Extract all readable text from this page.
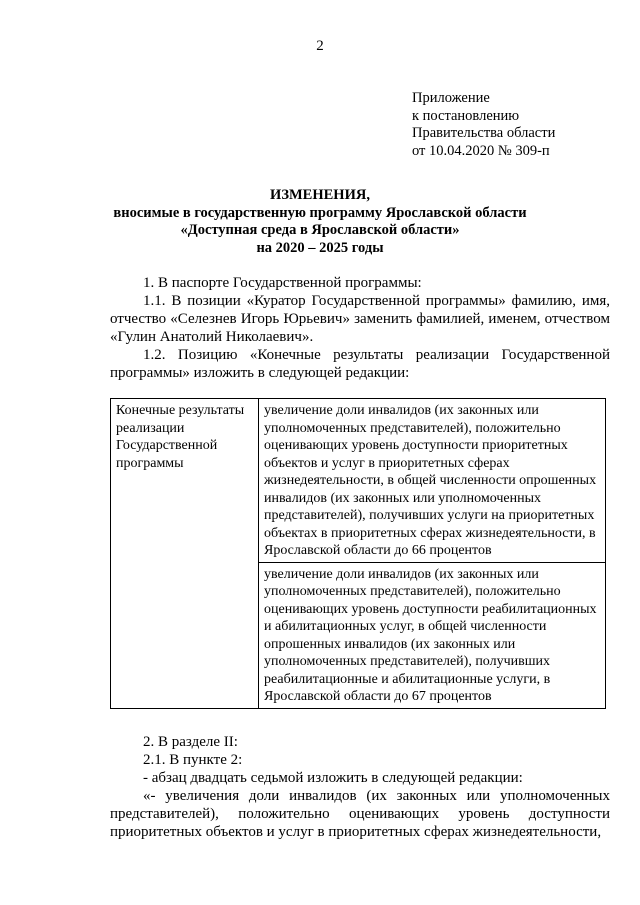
2
Приложение
к постановлению
Правительства области
от 10.04.2020 № 309-п
ИЗМЕНЕНИЯ,
вносимые в государственную программу Ярославской области
«Доступная среда в Ярославской области»
на 2020 – 2025 годы

1. В паспорте Государственной программы:

1.1. В позиции «Куратор Государственной программы» фамилию, имя, отчество «Селезнев Игорь Юрьевич» заменить фамилией, именем, отчеством «Гулин Анатолий Николаевич».

1.2. Позицию «Конечные результаты реализации Государственной программы» изложить в следующей редакции:

Конечные результаты реализации Государственной программы	увеличение доли инвалидов (их законных или уполномоченных представителей), положительно оценивающих уровень доступности приоритетных объектов и услуг в приоритетных сферах жизнедеятельности, в общей численности опрошенных инвалидов (их законных или уполномоченных представителей), получивших услуги на приоритетных объектах в приоритетных сферах жизнедеятельности, в Ярославской области до 66 процентов
увеличение доли инвалидов (их законных или уполномоченных представителей), положительно оценивающих уровень доступности реабилитационных и абилитационных услуг, в общей численности опрошенных инвалидов (их законных или уполномоченных представителей), получивших реабилитационные и абилитационные услуги, в Ярославской области до 67 процентов

2. В разделе II:

2.1. В пункте 2:

- абзац двадцать седьмой изложить в следующей редакции:

«- увеличения доли инвалидов (их законных или уполномоченных представителей), положительно оценивающих уровень доступности приоритетных объектов и услуг в приоритетных сферах жизнедеятельности,
